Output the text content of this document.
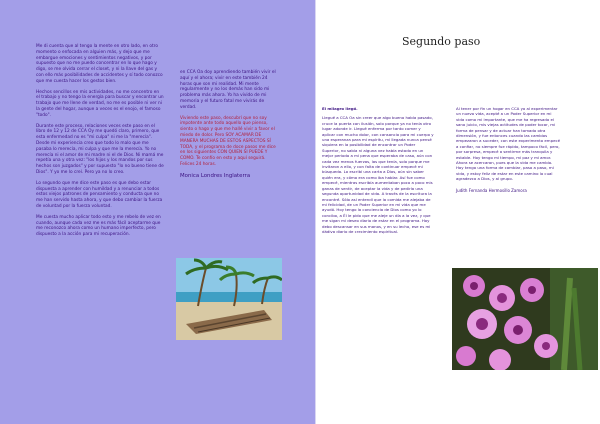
Me di cuenta que al tengo la mente en otro lado, en otro momento o enfocada en alguien más, y dejo que me embargue emociones y sentimientos negativos, y por supuesto que no me puedo concentrar en lo que hago y digo, se me olvida cerrar el closet, y ni la llave del gas y con ello más posibilidades de accidentes y sí todo conozco que me cuesta hacer los gestos bien.

Hechos sencillos en mis actividades, no me concentro en el trabajo y no tengo la energía para buscar y encontrar un trabajo que me llene de verdad, no me es posible ni ver ni la gente del hogar, aunque a veces es el enojo, el famoso "todo".

Durante este proceso, relaciones veces este paso en el libro de 12 y 12 de CCA Oy me quedó claro, primero, que esta enfermedad no es "mi culpa" ni me la "merecía". Desde mi experiencia creo que todo lo malo que me pasaba lo merecía, mi culpa y que me la merecía. Yo no merecía ni el amor de mi madre ni el de Dios. Ni mamá me repetía una y otra vez: "los hijos y los mandos por sus hechos son juzgados" y por supuesto "lo no bueno tiene de Dios". Y yo me lo creí. Pero ya no lo creo.

Lo segundo que me dice este paso es que debo estar dispuesta a aprender con humildad y a renunciar a todos estos viejos patrones de pensamiento y conducta que no me han servido hasta ahora, y que debo cambiar la fuerza de voluntad por la fuerza voluntad.

Me cuesta mucho aplicar todo esto y me rebelo de vez en cuando, aunque cada vez me es más fácil aceptarme que me reconozco ahora como un humano imperfecto, pero dispuesto a la acción para mi recuperación.

en CCA Oa doy aprendiendo también vivir el aquí y el ahora; vivir en este también 24 horas que son mi realidad. Mi mente regularmente y no los demás han sido mi problema más ahora. Yo ha vivido de mi memoria y el futuro fatal me vivirás de verdad.

Viviendo este paso, descubrí que no soy impotente ante todo aquello que pienso, siento o hago y que me hallé vivir a favor el miedo de dolor. Pero SOY ACAMAR DE MANERA MUCHAS DE ESTOS ASPECTOS SÍ TODA, y el programa de doce pasos me dice en los siguientes CON QUIEN SI PUEDE Y COMO. Te confío en esto y aquí seguirá. Felices 24 horas.

Monica Londres Inglaterra
Segundo paso
El milagro llegó.

Llegué a CCA Oa sin creer que algo bueno había pasado, cruce la puerta con ilusión, solo porque ya no tenía otro lugar adonde ir. Llegué enferma por tanto comer y aplicar con mucho dolor, con cansancio para mi cuerpo y una esperanza para mi espíritu, mi llegada nunca pensé siquiera en la posibilidad de encontrar un Poder Superior, no sabía ni alguna vez había estado en un mejor periodo a mi pena que esperaba de caso, aún con cada vez menos fuerzas, las que tenía, solo porque me invitaron a ello, y con falta de continuar empecé mi búsqueda. Lo escribí una carta a Dios, aún sin saber quién era, y cómo era como iba hablar. Así fue como empecé, mientras escribía aumentaban poco a poco mis ganas de sentir, de aceptar la vida y de pedirla una segunda oportunidad de vida. A través de la escritura la encontré. Sólo así entendí que la comida me alejaba de mi felicidad, de un Poder Superior en mi vida que me ayudó. Hoy tengo la conciencia de Dios como yo lo concibo, a Él le pido que me aleje un día a la vez, y que me sigan mi deseo diario de estar en el programa. Hoy debo descansar en sus manos, y en su lecho, ese es mi dádiva diario de crecimiento espiritual.

Al tener por fin un hogar en CCA yo al experimentar un nuevo vida, acepté a un Poder Superior en mi vida como mi importante, que me ha regresado el sano juicio, mis viejas actitudes de poder tocar, mi forma de pensar y de actuar han tomado otra dimensión, y fue entonces cuando las cambios empezaron a suceder, con este experimento empecé a confiar, no siempre fue rápido, tampoco fácil, pero, por sorpresa, empecé a sentirme más tranquila y estable. Hoy tengo mi tiempo, mi paz y mi amor. Ahora se acercaron, pues que la vida me cambio. Hoy tengo una forma de cambiar, paso a paso, mi vida, y estoy feliz de estar en este camino lo cual agradezco a Dios, y al grupo.

Judith Fernanda Hermosillo Zamora
